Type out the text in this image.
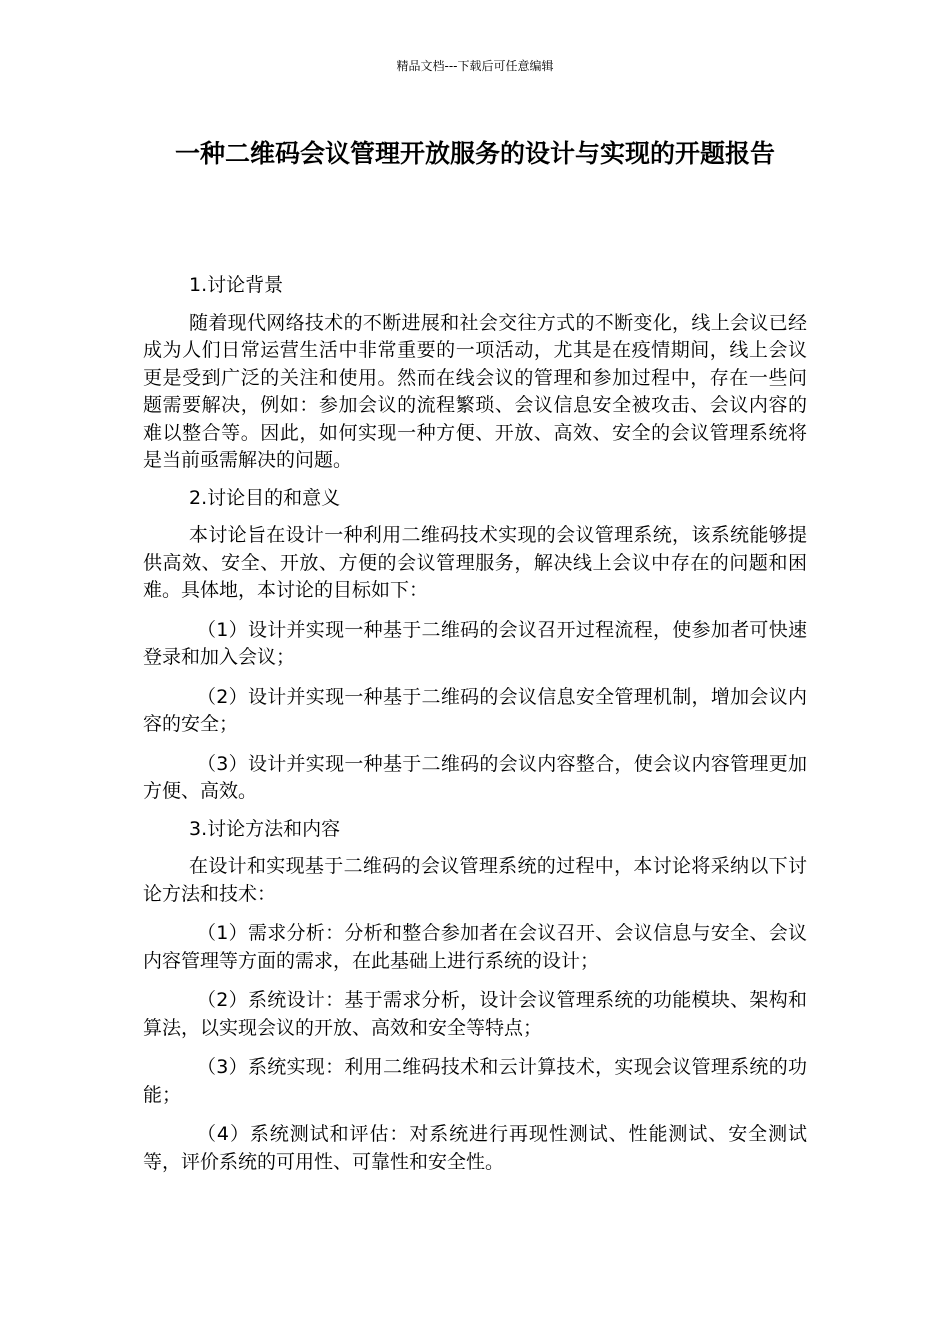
精品文档---下载后可任意编辑
一种二维码会议管理开放服务的设计与实现的开题报告

1.讨论背景

随着现代网络技术的不断进展和社会交往方式的不断变化，线上会议已经成为人们日常运营生活中非常重要的一项活动，尤其是在疫情期间，线上会议更是受到广泛的关注和使用。然而在线会议的管理和参加过程中，存在一些问题需要解决，例如：参加会议的流程繁琐、会议信息安全被攻击、会议内容的难以整合等。因此，如何实现一种方便、开放、高效、安全的会议管理系统将是当前亟需解决的问题。

2.讨论目的和意义

本讨论旨在设计一种利用二维码技术实现的会议管理系统，该系统能够提供高效、安全、开放、方便的会议管理服务，解决线上会议中存在的问题和困难。具体地，本讨论的目标如下：

（1）设计并实现一种基于二维码的会议召开过程流程，使参加者可快速登录和加入会议；

（2）设计并实现一种基于二维码的会议信息安全管理机制，增加会议内容的安全；

（3）设计并实现一种基于二维码的会议内容整合，使会议内容管理更加方便、高效。

3.讨论方法和内容

在设计和实现基于二维码的会议管理系统的过程中，本讨论将采纳以下讨论方法和技术：

（1）需求分析：分析和整合参加者在会议召开、会议信息与安全、会议内容管理等方面的需求，在此基础上进行系统的设计；

（2）系统设计：基于需求分析，设计会议管理系统的功能模块、架构和算法，以实现会议的开放、高效和安全等特点；

（3）系统实现：利用二维码技术和云计算技术，实现会议管理系统的功能；

（4）系统测试和评估：对系统进行再现性测试、性能测试、安全测试等，评价系统的可用性、可靠性和安全性。
